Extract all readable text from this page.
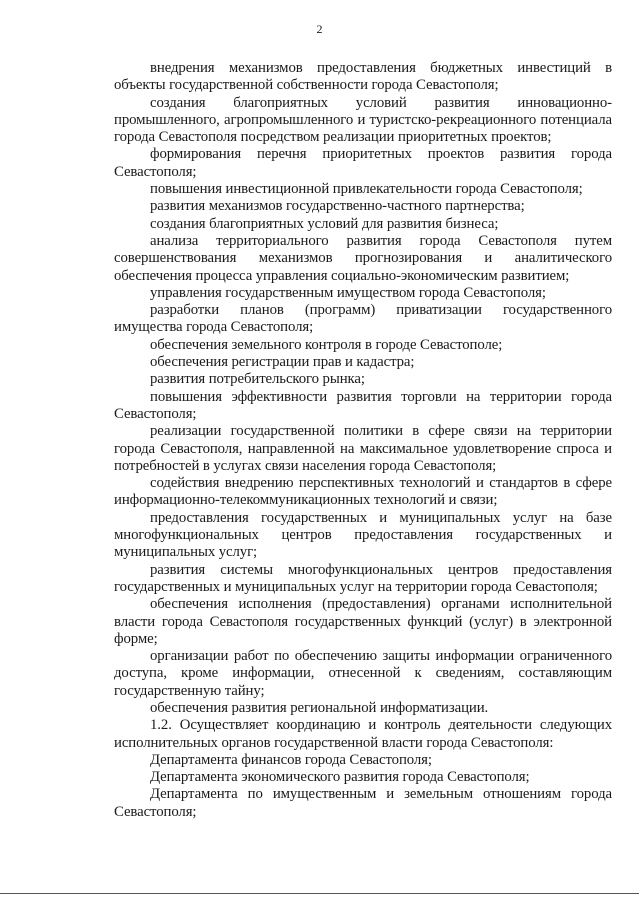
2

внедрения механизмов предоставления бюджетных инвестиций в объекты государственной собственности города Севастополя;

создания благоприятных условий развития инновационно-промышленного, агропромышленного и туристско-рекреационного потенциала города Севастополя посредством реализации приоритетных проектов;

формирования перечня приоритетных проектов развития города Севастополя;

повышения инвестиционной привлекательности города Севастополя;

развития механизмов государственно-частного партнерства;

создания благоприятных условий для развития бизнеса;

анализа территориального развития города Севастополя путем совершенствования механизмов прогнозирования и аналитического обеспечения процесса управления социально-экономическим развитием;

управления государственным имуществом города Севастополя;

разработки планов (программ) приватизации государственного имущества города Севастополя;

обеспечения земельного контроля в городе Севастополе;

обеспечения регистрации прав и кадастра;

развития потребительского рынка;

повышения эффективности развития торговли на территории города Севастополя;

реализации государственной политики в сфере связи на территории города Севастополя, направленной на максимальное удовлетворение спроса и потребностей в услугах связи населения города Севастополя;

содействия внедрению перспективных технологий и стандартов в сфере информационно-телекоммуникационных технологий и связи;

предоставления государственных и муниципальных услуг на базе многофункциональных центров предоставления государственных и муниципальных услуг;

развития системы многофункциональных центров предоставления государственных и муниципальных услуг на территории города Севастополя;

обеспечения исполнения (предоставления) органами исполнительной власти города Севастополя государственных функций (услуг) в электронной форме;

организации работ по обеспечению защиты информации ограниченного доступа, кроме информации, отнесенной к сведениям, составляющим государственную тайну;

обеспечения развития региональной информатизации.

1.2. Осуществляет координацию и контроль деятельности следующих исполнительных органов государственной власти города Севастополя:

Департамента финансов города Севастополя;

Департамента экономического развития города Севастополя;

Департамента по имущественным и земельным отношениям города Севастополя;
